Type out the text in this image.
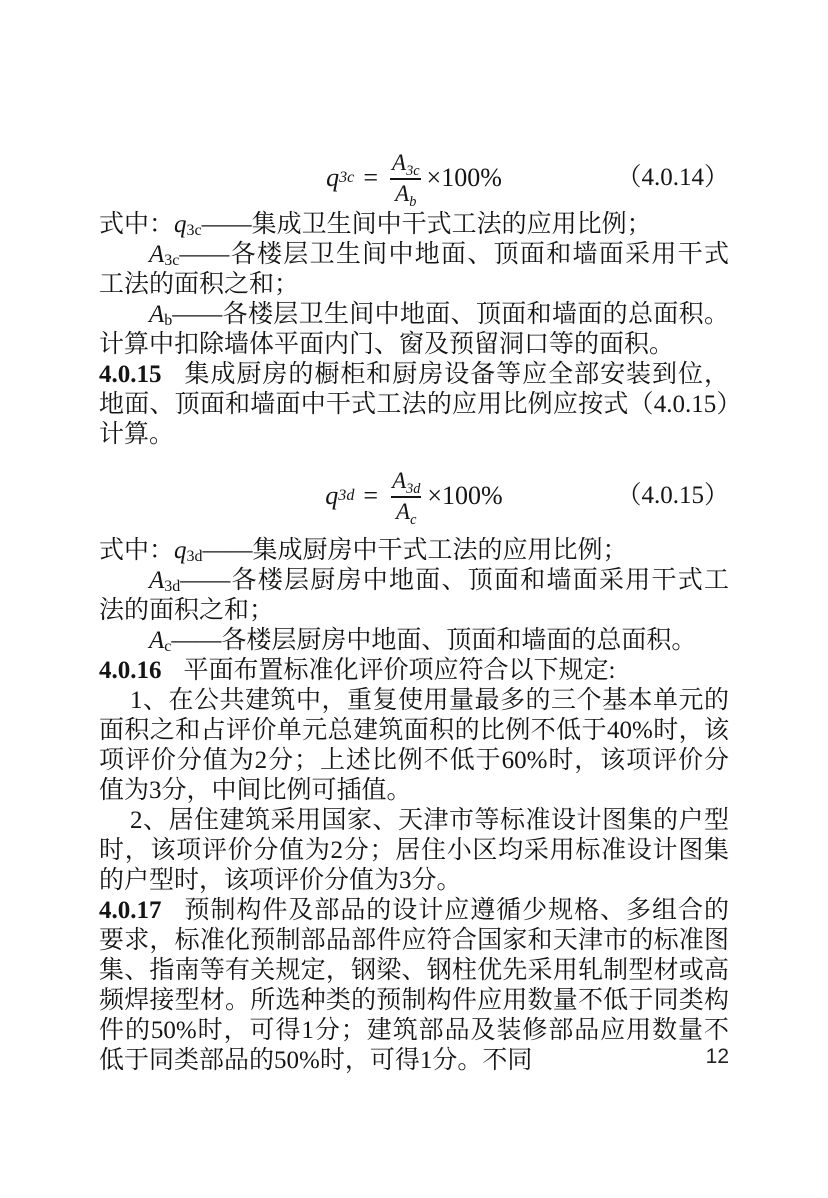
q $3c = \frac{A_{3c}}{A_b} \times 100\%$	（4.0.14）

式中：$q_{3c}——$集成卫生间中干式工法的应用比例；

$A_{3c}——$各楼层卫生间中地面、顶面和墙面采用干式工法的面积之和；

$A_b——$各楼层卫生间中地面、顶面和墙面的总面积。计算中扣除墙体平面内门、窗及预留洞口等的面积。

4.0.15 集成厨房的橱柜和厨房设备等应全部安装到位，地面、顶面和墙面中干式工法的应用比例应按式（4.0.15）计算。

q $3d = \frac{A_{3d}}{A_c} \times 100\%$	（4.0.15）

式中：$q_{3d}——$集成厨房中干式工法的应用比例；

$A_{3d}——$各楼层厨房中地面、顶面和墙面采用干式工法的面积之和；

$A_c——$各楼层厨房中地面、顶面和墙面的总面积。

4.0.16 平面布置标准化评价项应符合以下规定:

1、在公共建筑中，重复使用量最多的三个基本单元的面积之和占评价单元总建筑面积的比例不低于40%时，该项评价分值为2分；上述比例不低于60%时，该项评价分值为3分，中间比例可插值。

2、居住建筑采用国家、天津市等标准设计图集的户型时，该项评价分值为2分；居住小区均采用标准设计图集的户型时，该项评价分值为3分。

4.0.17 预制构件及部品的设计应遵循少规格、多组合的要求，标准化预制部品部件应符合国家和天津市的标准图集、指南等有关规定，钢梁、钢柱优先采用轧制型材或高频焊接型材。所选种类的预制构件应用数量不低于同类构件的50%时，可得1分；建筑部品及装修部品应用数量不低于同类部品的50%时，可得1分。不同	12
